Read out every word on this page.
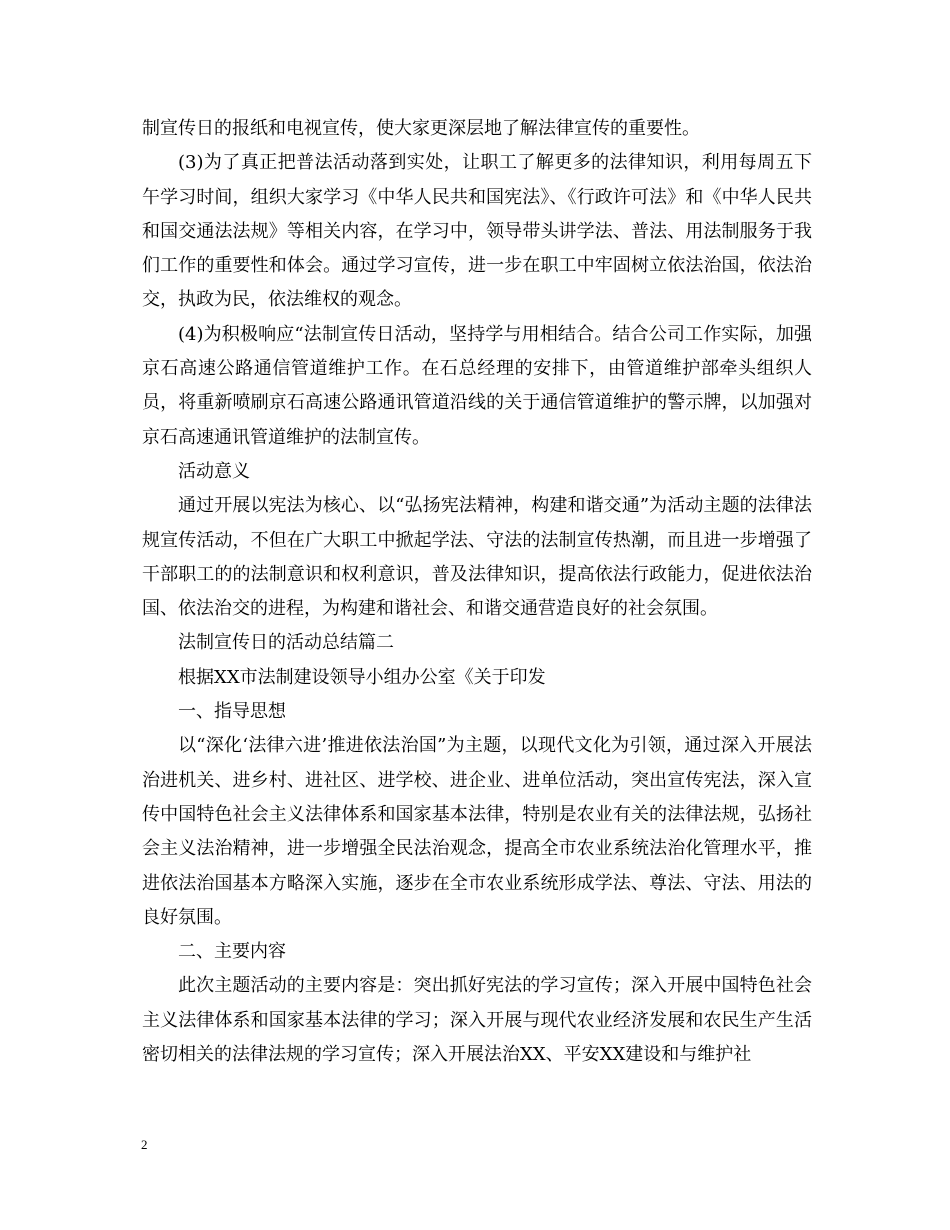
制宣传日的报纸和电视宣传，使大家更深层地了解法律宣传的重要性。

(3)为了真正把普法活动落到实处，让职工了解更多的法律知识，利用每周五下午学习时间，组织大家学习《中华人民共和国宪法》、《行政许可法》和《中华人民共和国交通法法规》等相关内容，在学习中，领导带头讲学法、普法、用法制服务于我们工作的重要性和体会。通过学习宣传，进一步在职工中牢固树立依法治国，依法治交，执政为民，依法维权的观念。

(4)为积极响应“法制宣传日活动，坚持学与用相结合。结合公司工作实际，加强京石高速公路通信管道维护工作。在石总经理的安排下，由管道维护部牵头组织人员，将重新喷刷京石高速公路通讯管道沿线的关于通信管道维护的警示牌，以加强对京石高速通讯管道维护的法制宣传。

活动意义

通过开展以宪法为核心、以“弘扬宪法精神，构建和谐交通”为活动主题的法律法规宣传活动，不但在广大职工中掀起学法、守法的法制宣传热潮，而且进一步增强了干部职工的的法制意识和权利意识，普及法律知识，提高依法行政能力，促进依法治国、依法治交的进程，为构建和谐社会、和谐交通营造良好的社会氛围。

法制宣传日的活动总结篇二

根据XX市法制建设领导小组办公室《关于印发

一、指导思想

以“深化‘法律六进’推进依法治国”为主题，以现代文化为引领，通过深入开展法治进机关、进乡村、进社区、进学校、进企业、进单位活动，突出宣传宪法，深入宣传中国特色社会主义法律体系和国家基本法律，特别是农业有关的法律法规，弘扬社会主义法治精神，进一步增强全民法治观念，提高全市农业系统法治化管理水平，推进依法治国基本方略深入实施，逐步在全市农业系统形成学法、尊法、守法、用法的良好氛围。

二、主要内容

此次主题活动的主要内容是：突出抓好宪法的学习宣传；深入开展中国特色社会主义法律体系和国家基本法律的学习；深入开展与现代农业经济发展和农民生产生活密切相关的法律法规的学习宣传；深入开展法治XX、平安XX建设和与维护社

2
